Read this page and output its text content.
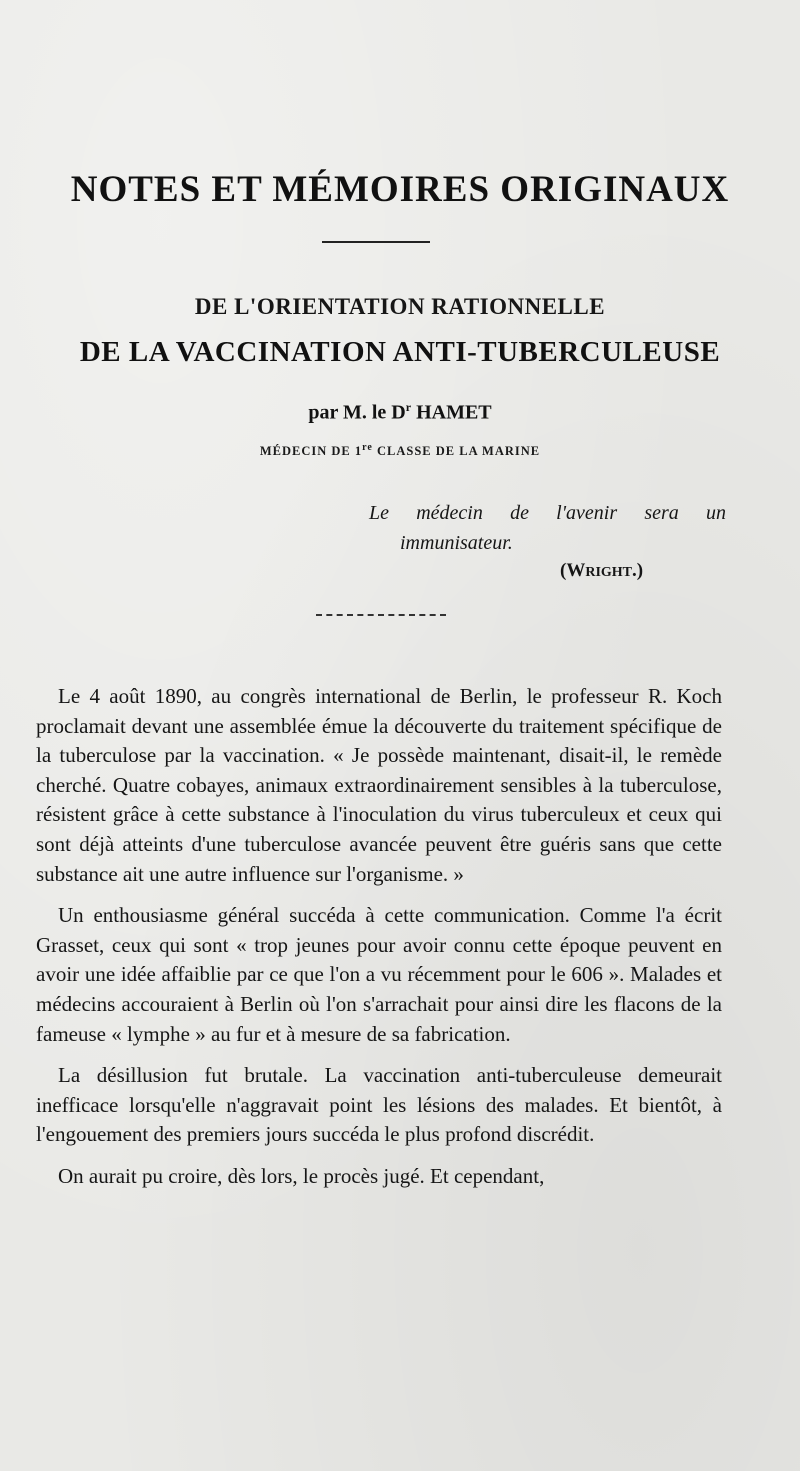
NOTES ET MÉMOIRES ORIGINAUX
DE L'ORIENTATION RATIONNELLE
DE LA VACCINATION ANTI-TUBERCULEUSE
par M. le $D^r$ HAMET
MÉDECIN DE 1re CLASSE DE LA MARINE
Le médecin de l'avenir sera un
immunisateur.
(WRIGHT.)

Le 4 août 1890, au congrès international de Berlin, le professeur R. Koch proclamait devant une assemblée émue la découverte du traitement spécifique de la tuberculose par la vaccination. « Je possède maintenant, disait-il, le remède cherché. Quatre cobayes, animaux extraordinairement sensibles à la tuberculose, résistent grâce à cette substance à l'inoculation du virus tuberculeux et ceux qui sont déjà atteints d'une tuberculose avancée peuvent être guéris sans que cette substance ait une autre influence sur l'organisme. »

Un enthousiasme général succéda à cette communication. Comme l'a écrit Grasset, ceux qui sont « trop jeunes pour avoir connu cette époque peuvent en avoir une idée affaiblie par ce que l'on a vu récemment pour le 606 ». Malades et médecins accouraient à Berlin où l'on s'arrachait pour ainsi dire les flacons de la fameuse « lymphe » au fur et à mesure de sa fabrication.

La désillusion fut brutale. La vaccination anti-tuberculeuse demeurait inefficace lorsqu'elle n'aggravait point les lésions des malades. Et bientôt, à l'engouement des premiers jours succéda le plus profond discrédit.

On aurait pu croire, dès lors, le procès jugé. Et cependant,
